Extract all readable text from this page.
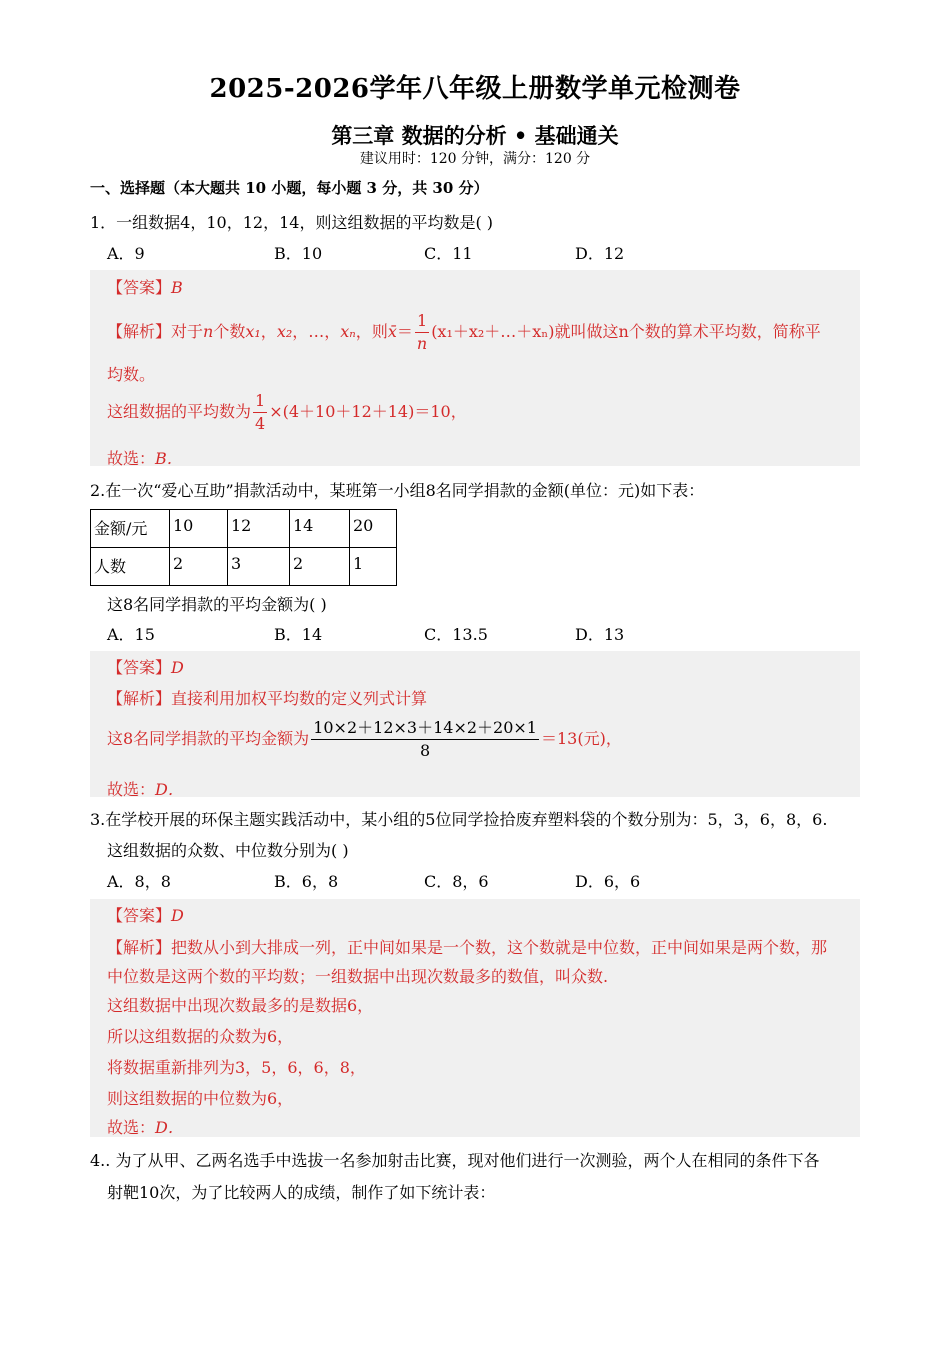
2025-2026学年八年级上册数学单元检测卷
第三章 数据的分析 • 基础通关
建议用时：120 分钟，满分：120 分
一、选择题（本大题共 10 小题，每小题 3 分，共 30 分）
1．一组数据4，10，12，14，则这组数据的平均数是( )
A．9	B．10	C．11	D．12
【答案】B
【解析】对于n个数x₁，x₂，…，xₙ，则x̄＝ $\frac{1}{n}$ (x₁＋x₂＋…＋xₙ)就叫做这n个数的算术平均数，简称平
均数。
这组数据的平均数为 $\frac{1}{4} \times(4+10+12+14)=10$，
故选：B．
2.在一次“爱心互助”捐款活动中，某班第一小组8名同学捐款的金额(单位：元)如下表：
金额/元	10	12	14	20
人数	2	3	2	1
这8名同学捐款的平均金额为( )
A．15	B．14	C．13.5	D．13
【答案】D
【解析】直接利用加权平均数的定义列式计算
这8名同学捐款的平均金额为 $\frac{10\times 2+12\times 3+14\times 2+20\times 1}{8} =13$(元)，
故选：D．
3.在学校开展的环保主题实践活动中，某小组的5位同学捡拾废弃塑料袋的个数分别为：5，3，6，8，6.
这组数据的众数、中位数分别为( )
A．8，8	B．6，8	C．8，6	D．6，6
【答案】D
【解析】把数从小到大排成一列，正中间如果是一个数，这个数就是中位数，正中间如果是两个数，那
中位数是这两个数的平均数；一组数据中出现次数最多的数值，叫众数.
这组数据中出现次数最多的是数据6，
所以这组数据的众数为6，
将数据重新排列为3，5，6，6，8，
则这组数据的中位数为6，
故选：D．
4.. 为了从甲、乙两名选手中选拔一名参加射击比赛，现对他们进行一次测验，两个人在相同的条件下各
射靶10次，为了比较两人的成绩，制作了如下统计表：
